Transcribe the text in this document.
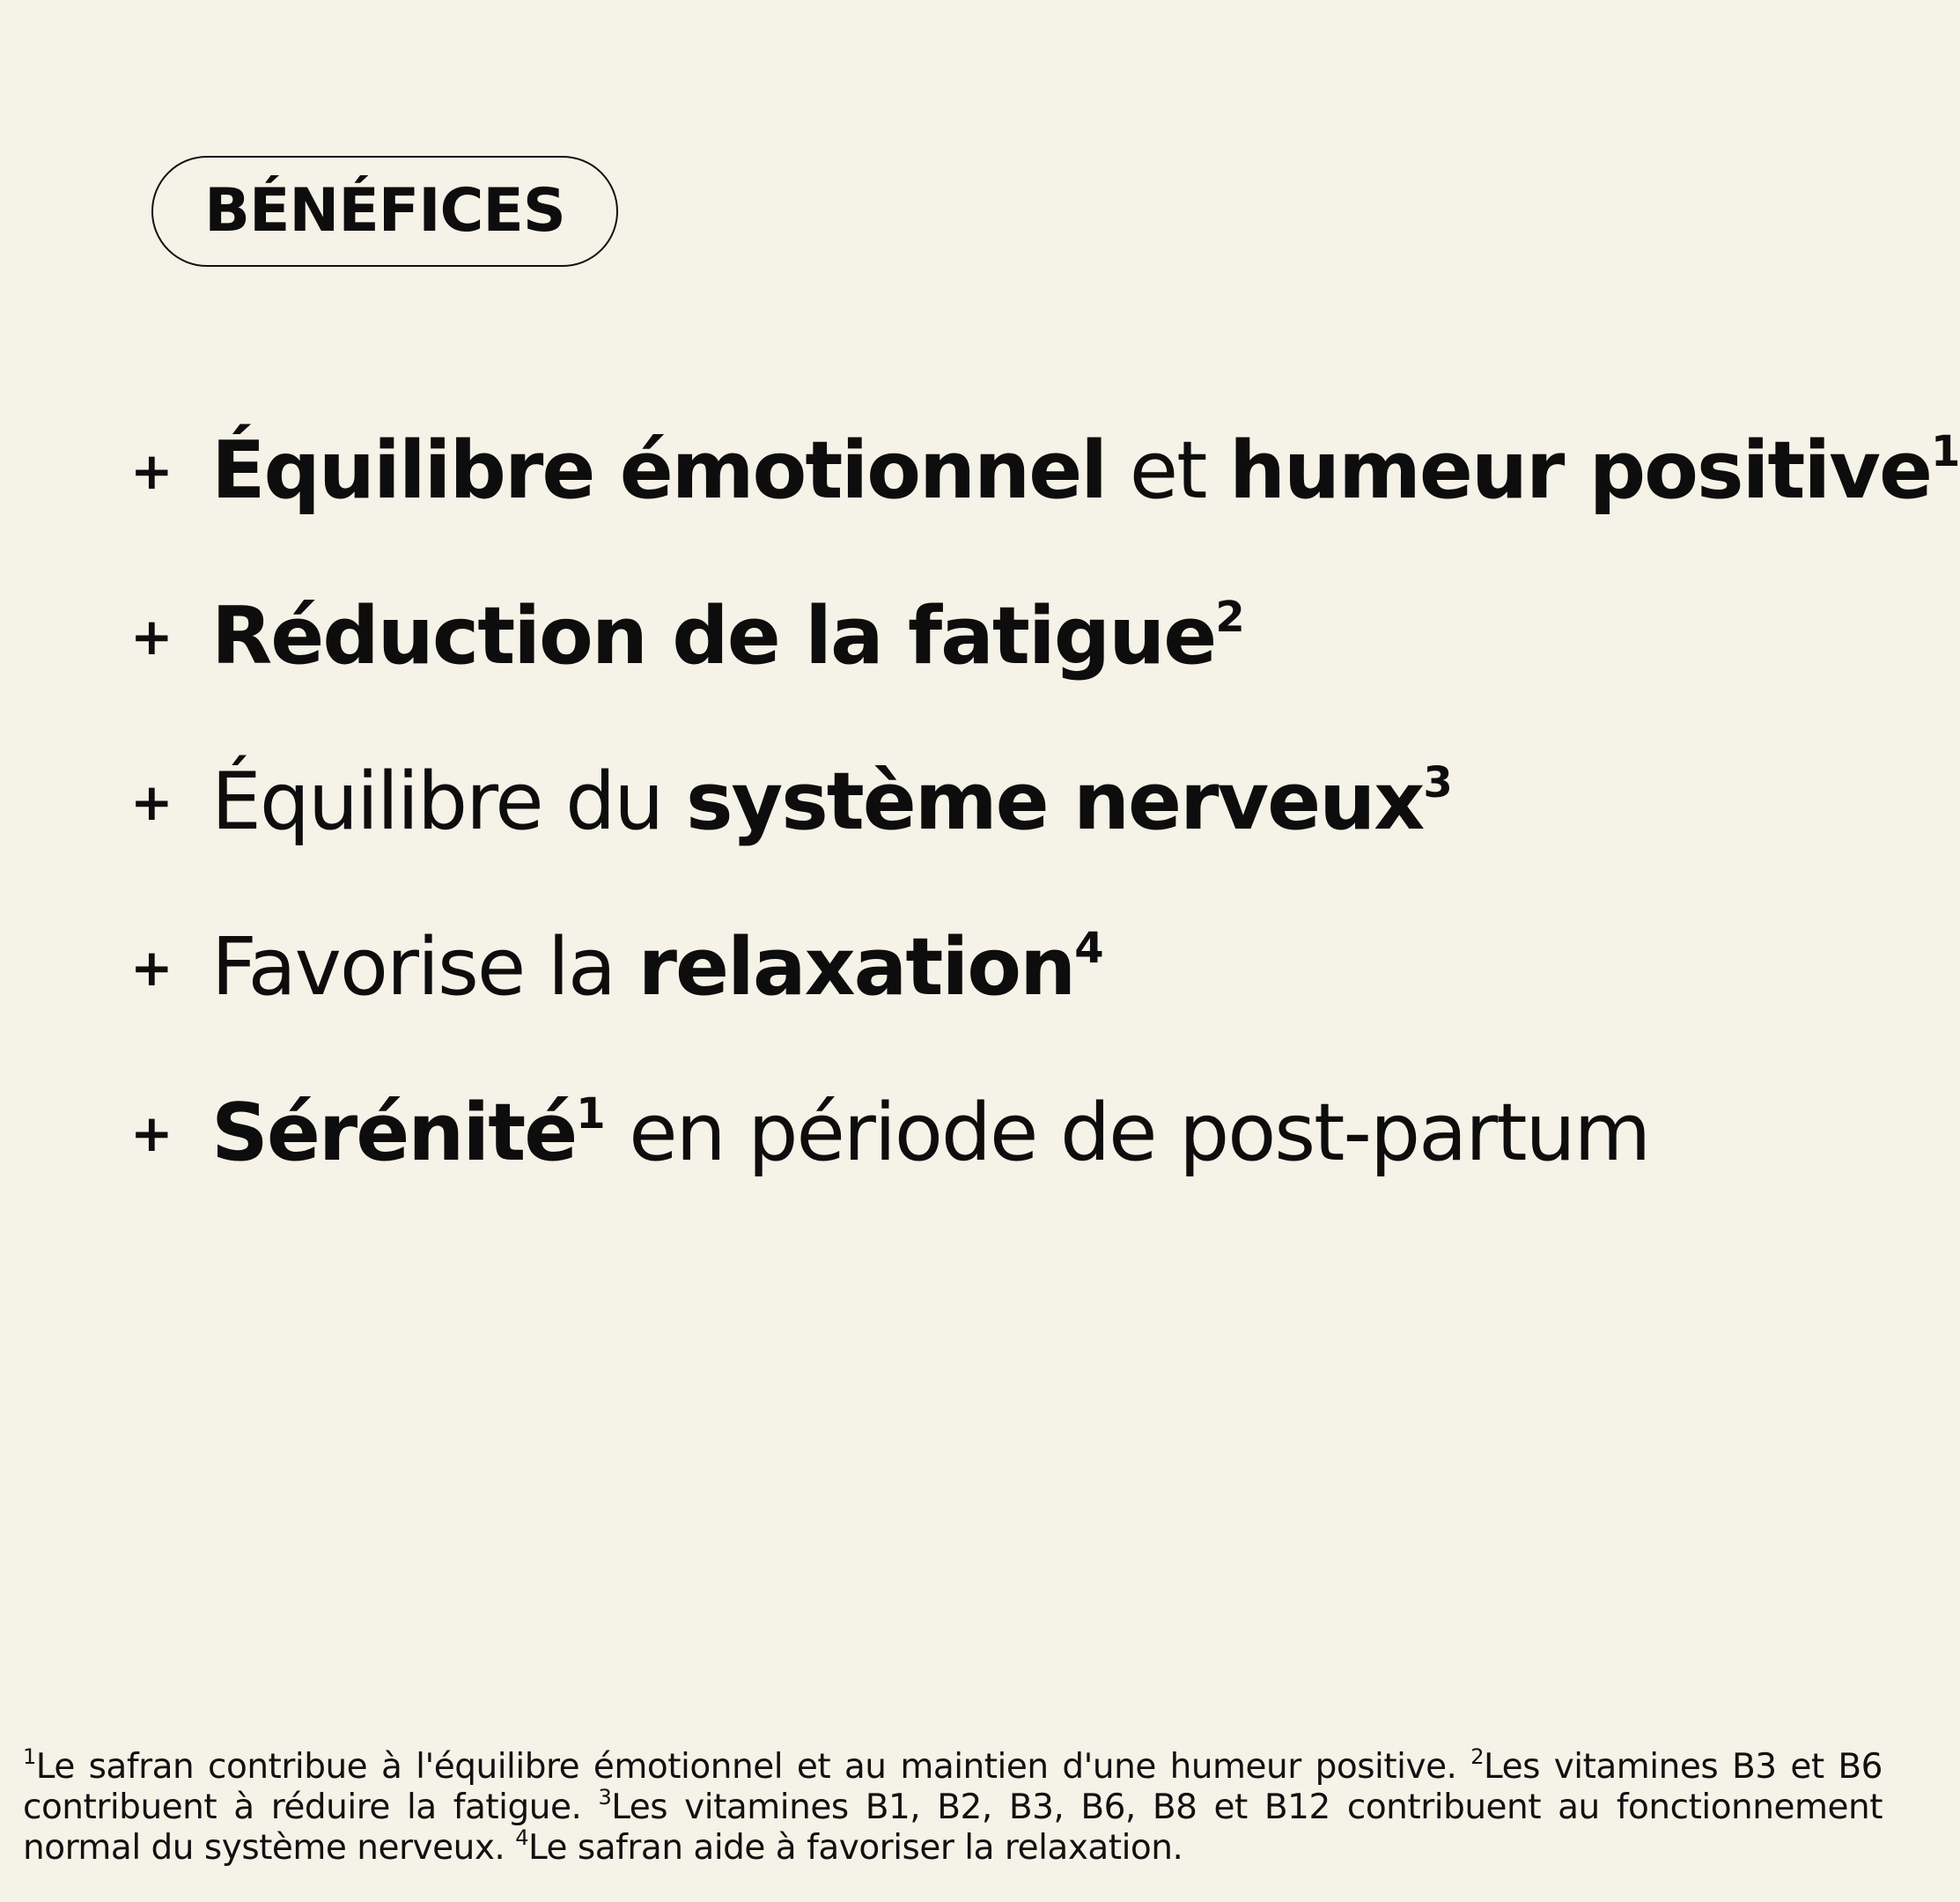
BÉNÉFICES
+ Équilibre émotionnel et humeur positive$^1$
+ Réduction de la fatigue$^2$
+ Équilibre du système nerveux$^3$
+ Favorise la relaxation$^4$
+ Sérénité$^1$ en période de post-partum
$^1$Le safran contribue à l'équilibre émotionnel et au maintien d'une humeur positive. $^2$Les vitamines B3 et B6 contribuent à réduire la fatigue. $^3$Les vitamines B1, B2, B3, B6, B8 et B12 contribuent au fonctionnement normal du système nerveux. $^4$Le safran aide à favoriser la relaxation.
